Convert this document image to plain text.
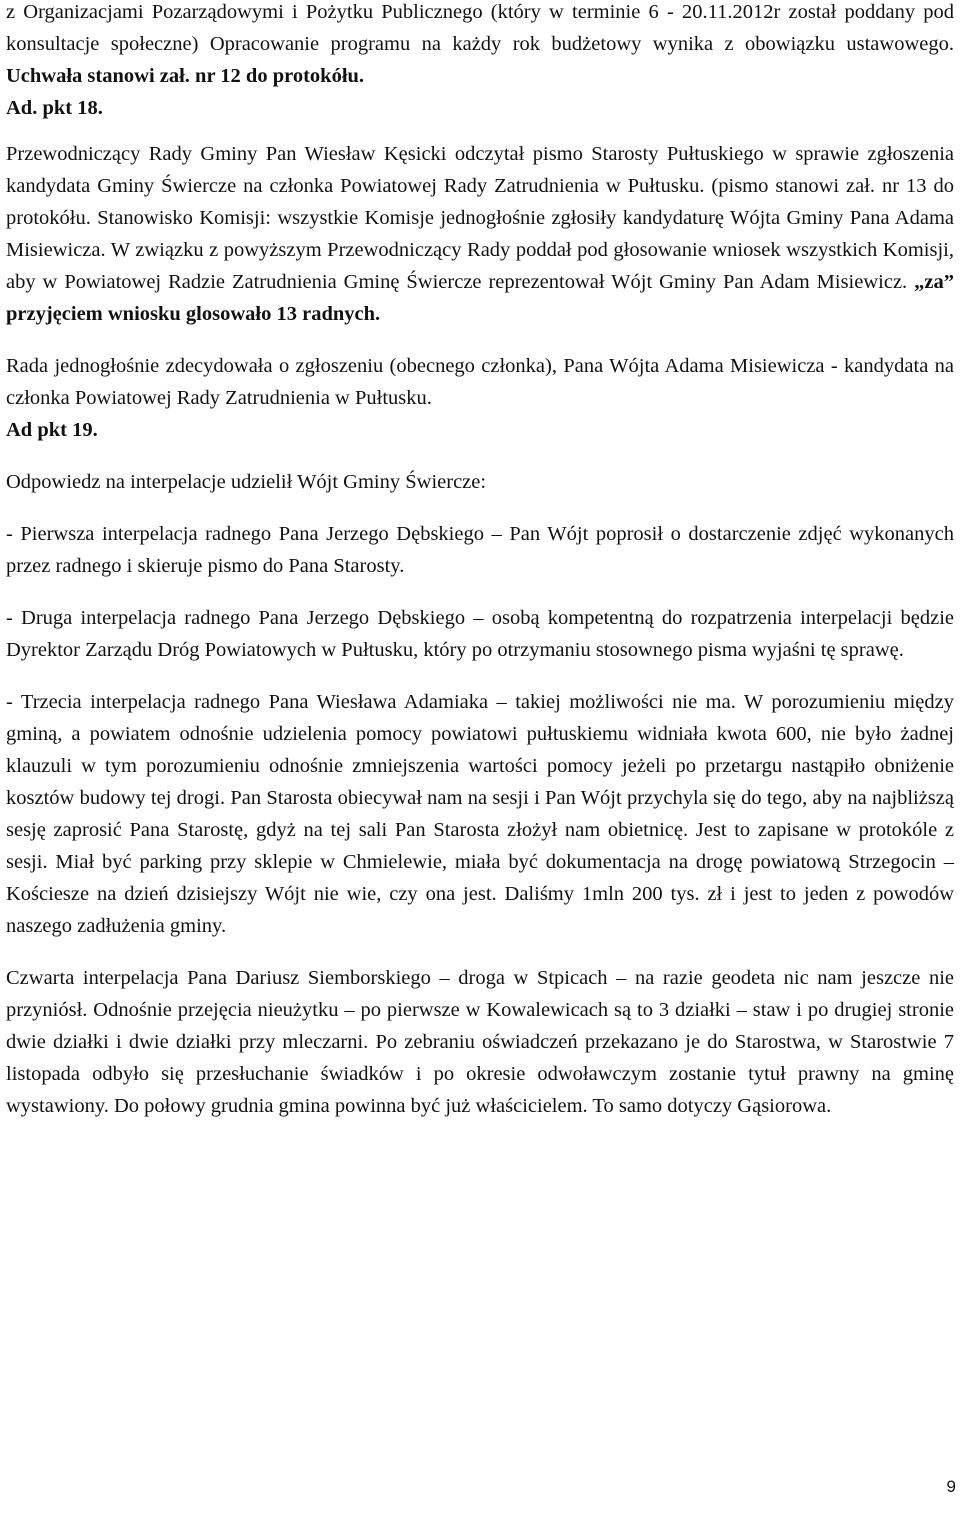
z Organizacjami Pozarządowymi i Pożytku Publicznego (który w terminie 6 - 20.11.2012r został poddany pod konsultacje społeczne) Opracowanie programu na każdy rok budżetowy wynika z obowiązku ustawowego. Uchwała stanowi zał. nr 12 do protokółu.

Ad. pkt 18.

Przewodniczący Rady Gminy Pan Wiesław Kęsicki odczytał pismo Starosty Pułtuskiego w sprawie zgłoszenia kandydata Gminy Świercze na członka Powiatowej Rady Zatrudnienia w Pułtusku. (pismo stanowi zał. nr 13 do protokółu. Stanowisko Komisji: wszystkie Komisje jednogłośnie zgłosiły kandydaturę Wójta Gminy Pana Adama Misiewicza. W związku z powyższym Przewodniczący Rady poddał pod głosowanie wniosek wszystkich Komisji, aby w Powiatowej Radzie Zatrudnienia Gminę Świercze reprezentował Wójt Gminy Pan Adam Misiewicz. „za” przyjęciem wniosku glosowało 13 radnych.

Rada jednogłośnie zdecydowała o zgłoszeniu (obecnego członka), Pana Wójta Adama Misiewicza - kandydata na członka Powiatowej Rady Zatrudnienia w Pułtusku.

Ad pkt 19.

Odpowiedz na interpelacje udzielił Wójt Gminy Świercze:

- Pierwsza interpelacja radnego Pana Jerzego Dębskiego – Pan Wójt poprosił o dostarczenie zdjęć wykonanych przez radnego i skieruje pismo do Pana Starosty.

- Druga interpelacja radnego Pana Jerzego Dębskiego – osobą kompetentną do rozpatrzenia interpelacji będzie Dyrektor Zarządu Dróg Powiatowych w Pułtusku, który po otrzymaniu stosownego pisma wyjaśni tę sprawę.

- Trzecia interpelacja radnego Pana Wiesława Adamiaka – takiej możliwości nie ma. W porozumieniu między gminą, a powiatem odnośnie udzielenia pomocy powiatowi pułtuskiemu widniała kwota 600, nie było żadnej klauzuli w tym porozumieniu odnośnie zmniejszenia wartości pomocy jeżeli po przetargu nastąpiło obniżenie kosztów budowy tej drogi. Pan Starosta obiecywał nam na sesji i Pan Wójt przychyla się do tego, aby na najbliższą sesję zaprosić Pana Starostę, gdyż na tej sali Pan Starosta złożył nam obietnicę. Jest to zapisane w protokóle z sesji. Miał być parking przy sklepie w Chmielewie, miała być dokumentacja na drogę powiatową Strzegocin – Kościesze na dzień dzisiejszy Wójt nie wie, czy ona jest. Daliśmy 1mln 200 tys. zł i jest to jeden z powodów naszego zadłużenia gminy.

Czwarta interpelacja Pana Dariusz Siemborskiego – droga w Stpicach – na razie geodeta nic nam jeszcze nie przyniósł. Odnośnie przejęcia nieużytku – po pierwsze w Kowalewicach są to 3 działki – staw i po drugiej stronie dwie działki i dwie działki przy mleczarni. Po zebraniu oświadczeń przekazano je do Starostwa, w Starostwie 7 listopada odbyło się przesłuchanie świadków i po okresie odwoławczym zostanie tytuł prawny na gminę wystawiony. Do połowy grudnia gmina powinna być już właścicielem. To samo dotyczy Gąsiorowa.

9
